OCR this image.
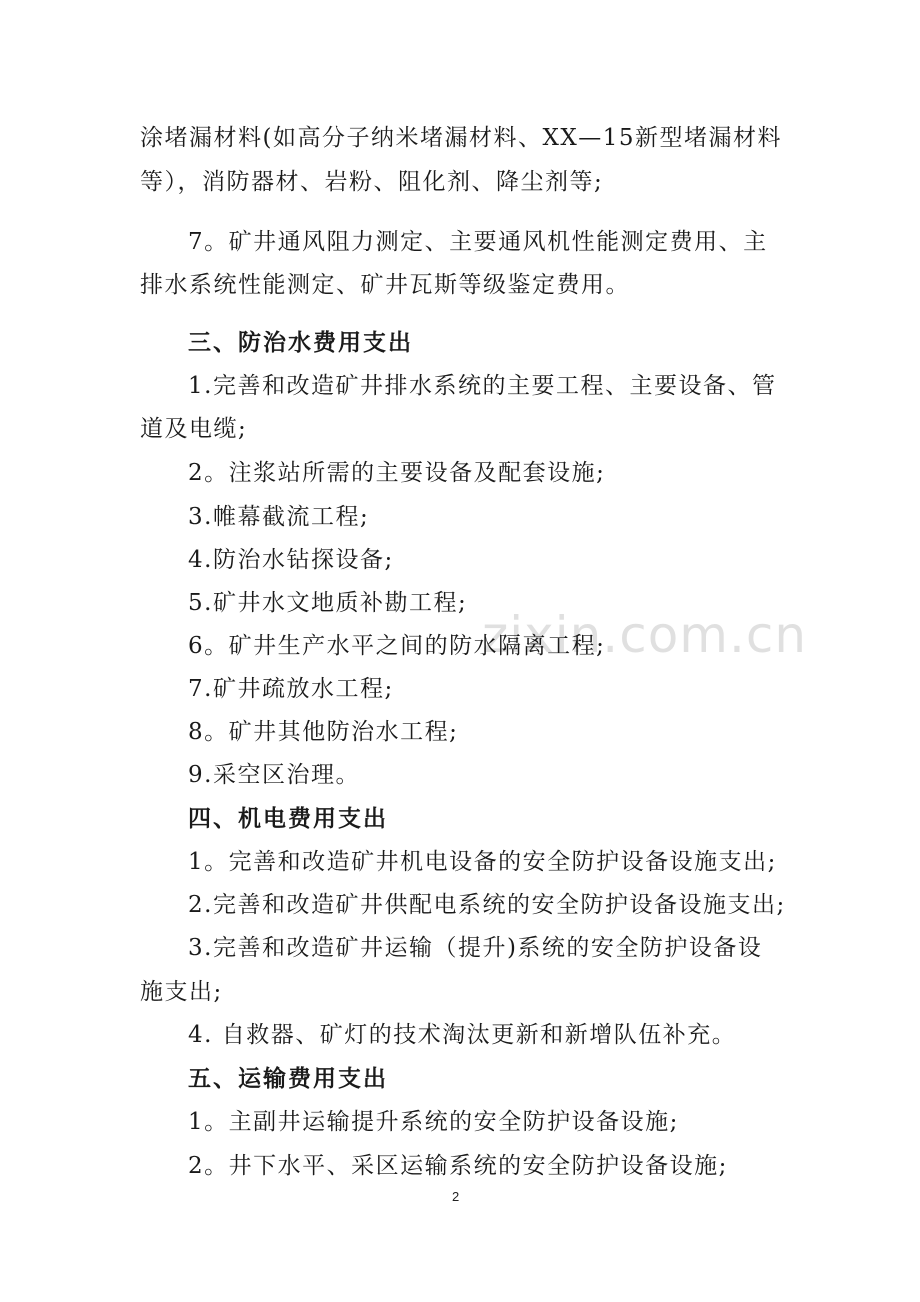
涂堵漏材料(如高分子纳米堵漏材料、XX—15新型堵漏材料
等），消防器材、岩粉、阻化剂、降尘剂等;
7。矿井通风阻力测定、主要通风机性能测定费用、主
排水系统性能测定、矿井瓦斯等级鉴定费用。
三、防治水费用支出
1.完善和改造矿井排水系统的主要工程、主要设备、管
道及电缆;
2。注浆站所需的主要设备及配套设施;
3.帷幕截流工程;
4.防治水钻探设备;
5.矿井水文地质补勘工程;
6。矿井生产水平之间的防水隔离工程;
7.矿井疏放水工程;
8。矿井其他防治水工程;
9.采空区治理。
四、机电费用支出
1。完善和改造矿井机电设备的安全防护设备设施支出;
2.完善和改造矿井供配电系统的安全防护设备设施支出;
3.完善和改造矿井运输（提升)系统的安全防护设备设
施支出;
4. 自救器、矿灯的技术淘汰更新和新增队伍补充。
五、运输费用支出
1。主副井运输提升系统的安全防护设备设施;
2。井下水平、采区运输系统的安全防护设备设施;
zixin.com.cn
2
